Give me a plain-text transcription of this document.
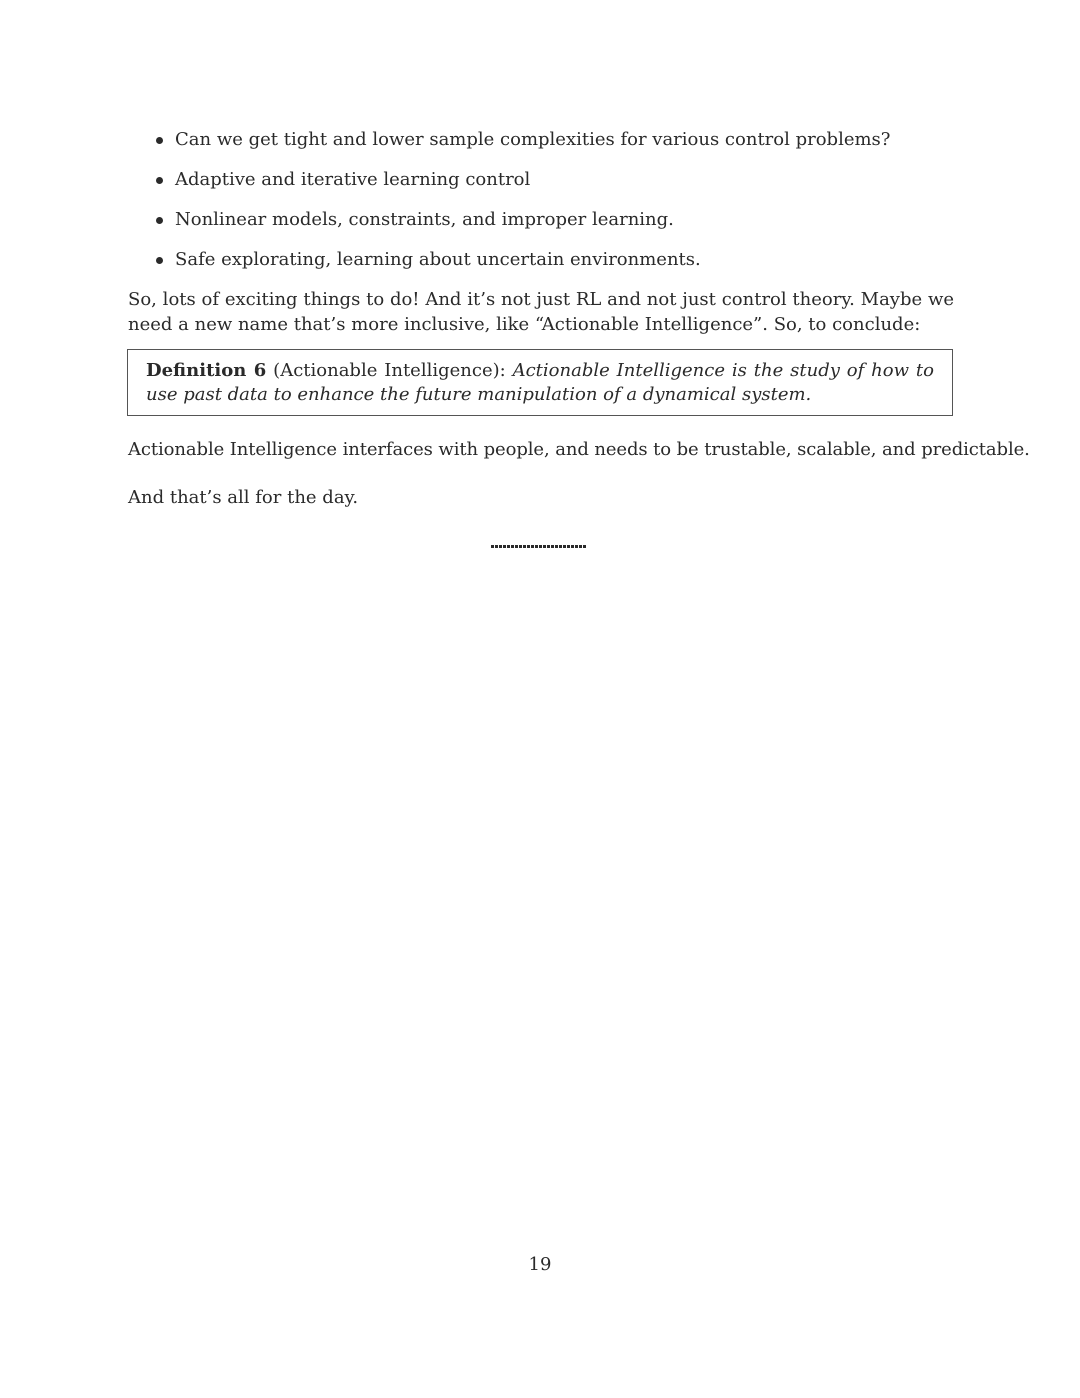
Can we get tight and lower sample complexities for various control problems?
Adaptive and iterative learning control
Nonlinear models, constraints, and improper learning.
Safe explorating, learning about uncertain environments.

So, lots of exciting things to do! And it’s not just RL and not just control theory. Maybe we need a new name that’s more inclusive, like “Actionable Intelligence”. So, to conclude:

Definition 6 (Actionable Intelligence): Actionable Intelligence is the study of how to use past data to enhance the future manipulation of a dynamical system.

Actionable Intelligence interfaces with people, and needs to be trustable, scalable, and predictable.

And that’s all for the day.

19
